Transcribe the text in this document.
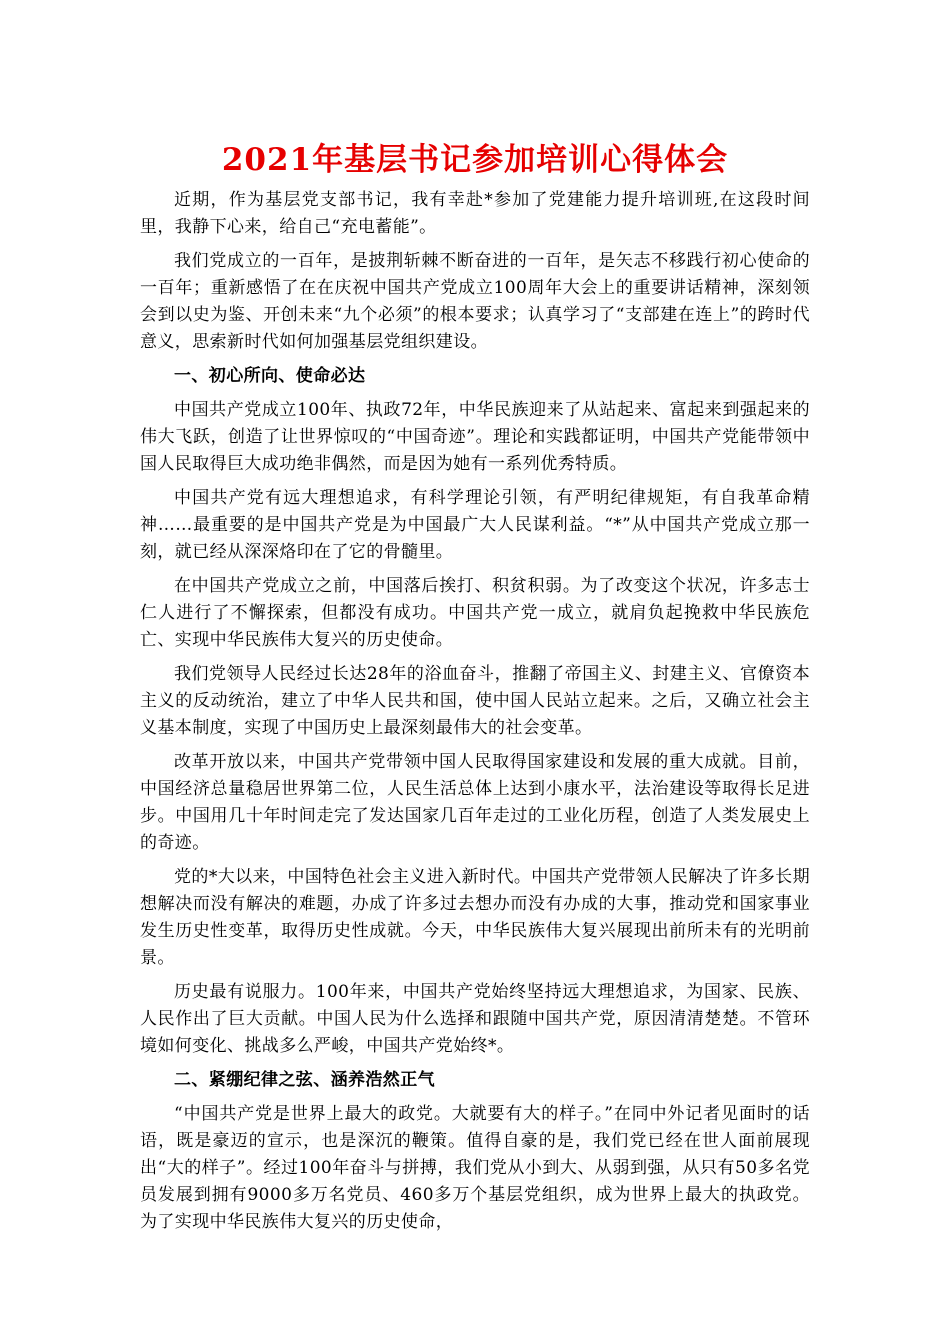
2021年基层书记参加培训心得体会

近期，作为基层党支部书记，我有幸赴*参加了党建能力提升培训班,在这段时间里，我静下心来，给自己“充电蓄能”。

我们党成立的一百年，是披荆斩棘不断奋进的一百年，是矢志不移践行初心使命的一百年；重新感悟了在在庆祝中国共产党成立100周年大会上的重要讲话精神，深刻领会到以史为鉴、开创未来“九个必须”的根本要求；认真学习了“支部建在连上”的跨时代意义，思索新时代如何加强基层党组织建设。

一、初心所向、使命必达

中国共产党成立100年、执政72年，中华民族迎来了从站起来、富起来到强起来的伟大飞跃，创造了让世界惊叹的“中国奇迹”。理论和实践都证明，中国共产党能带领中国人民取得巨大成功绝非偶然，而是因为她有一系列优秀特质。

中国共产党有远大理想追求，有科学理论引领，有严明纪律规矩，有自我革命精神……最重要的是中国共产党是为中国最广大人民谋利益。“*”从中国共产党成立那一刻，就已经从深深烙印在了它的骨髓里。

在中国共产党成立之前，中国落后挨打、积贫积弱。为了改变这个状况，许多志士仁人进行了不懈探索，但都没有成功。中国共产党一成立，就肩负起挽救中华民族危亡、实现中华民族伟大复兴的历史使命。

我们党领导人民经过长达28年的浴血奋斗，推翻了帝国主义、封建主义、官僚资本主义的反动统治，建立了中华人民共和国，使中国人民站立起来。之后，又确立社会主义基本制度，实现了中国历史上最深刻最伟大的社会变革。

改革开放以来，中国共产党带领中国人民取得国家建设和发展的重大成就。目前，中国经济总量稳居世界第二位，人民生活总体上达到小康水平，法治建设等取得长足进步。中国用几十年时间走完了发达国家几百年走过的工业化历程，创造了人类发展史上的奇迹。

党的*大以来，中国特色社会主义进入新时代。中国共产党带领人民解决了许多长期想解决而没有解决的难题，办成了许多过去想办而没有办成的大事，推动党和国家事业发生历史性变革，取得历史性成就。今天，中华民族伟大复兴展现出前所未有的光明前景。

历史最有说服力。100年来，中国共产党始终坚持远大理想追求，为国家、民族、人民作出了巨大贡献。中国人民为什么选择和跟随中国共产党，原因清清楚楚。不管环境如何变化、挑战多么严峻，中国共产党始终*。

二、紧绷纪律之弦、涵养浩然正气

“中国共产党是世界上最大的政党。大就要有大的样子。”在同中外记者见面时的话语，既是豪迈的宣示，也是深沉的鞭策。值得自豪的是，我们党已经在世人面前展现出“大的样子”。经过100年奋斗与拼搏，我们党从小到大、从弱到强，从只有50多名党员发展到拥有9000多万名党员、460多万个基层党组织，成为世界上最大的执政党。为了实现中华民族伟大复兴的历史使命，
